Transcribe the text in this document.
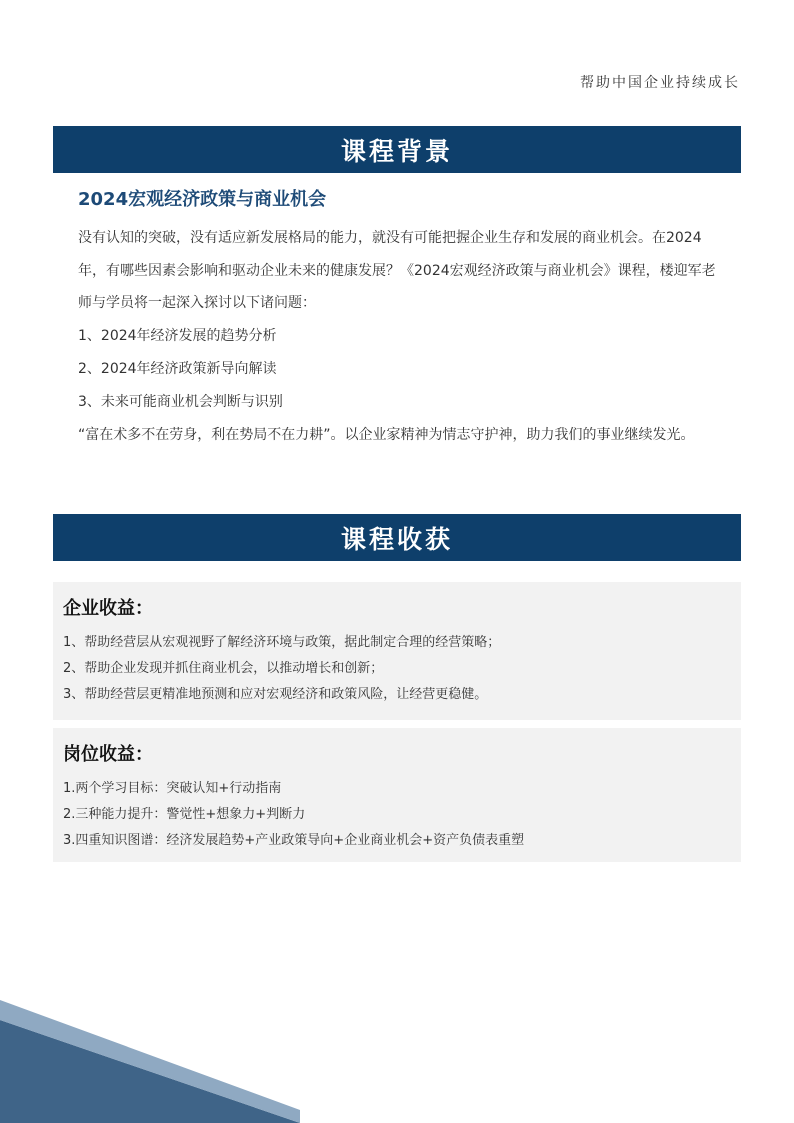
帮助中国企业持续成长
课程背景
2024宏观经济政策与商业机会

没有认知的突破，没有适应新发展格局的能力，就没有可能把握企业生存和发展的商业机会。在2024年，有哪些因素会影响和驱动企业未来的健康发展？《2024宏观经济政策与商业机会》课程，楼迎军老师与学员将一起深入探讨以下诸问题：

1、2024年经济发展的趋势分析
2、2024年经济政策新导向解读
3、未来可能商业机会判断与识别

“富在术多不在劳身，利在势局不在力耕”。以企业家精神为情志守护神，助力我们的事业继续发光。

课程收获
企业收益：
1、帮助经营层从宏观视野了解经济环境与政策，据此制定合理的经营策略；
2、帮助企业发现并抓住商业机会，以推动增长和创新；
3、帮助经营层更精准地预测和应对宏观经济和政策风险，让经营更稳健。
岗位收益：
1.两个学习目标：突破认知+行动指南
2.三种能力提升：警觉性+想象力+判断力
3.四重知识图谱：经济发展趋势+产业政策导向+企业商业机会+资产负债表重塑
